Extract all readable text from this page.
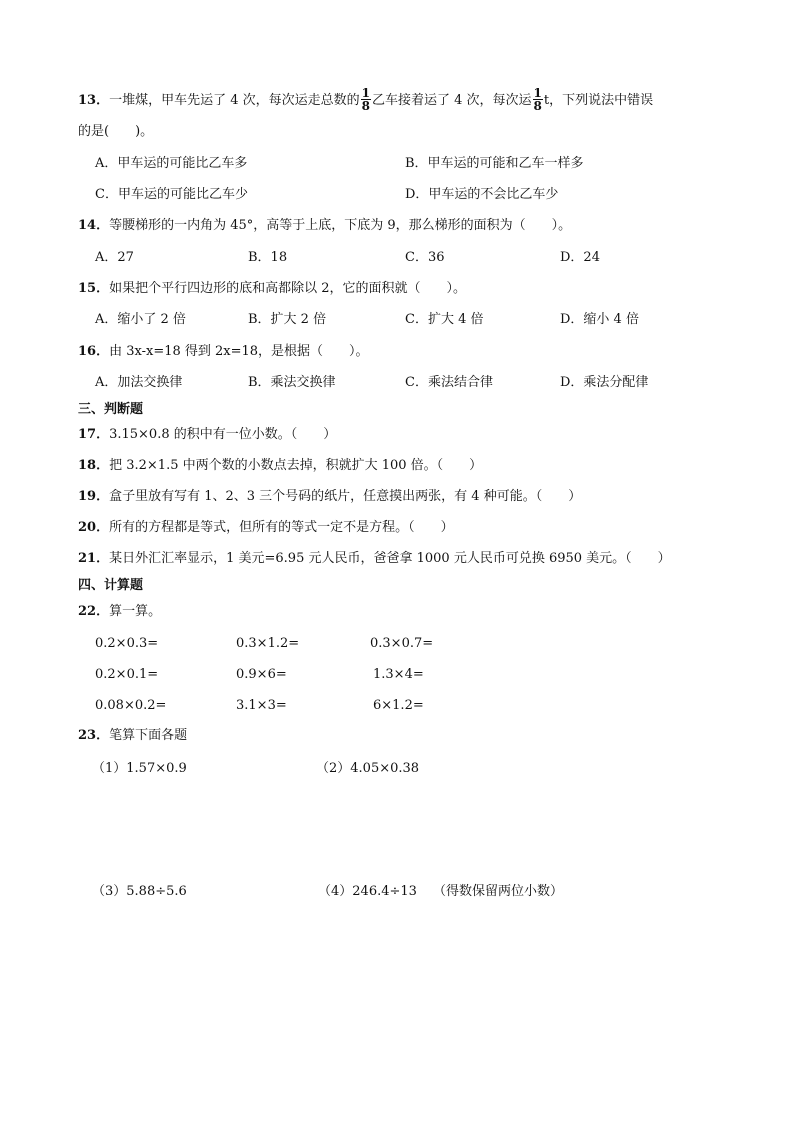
13．一堆煤，甲车先运了 4 次，每次运走总数的 $\frac{1}{8}$ 乙车接着运了 4 次，每次运 $\frac{1}{8}$ t，下列说法中错误
的是(　　)。
A．甲车运的可能比乙车多	B．甲车运的可能和乙车一样多
C．甲车运的可能比乙车少	D．甲车运的不会比乙车少
14．等腰梯形的一内角为 45°，高等于上底，下底为 9，那么梯形的面积为（　　）。
A．27	B．18	C．36	D．24
15．如果把个平行四边形的底和高都除以 2，它的面积就（　　）。
A．缩小了 2 倍	B．扩大 2 倍	C．扩大 4 倍	D．缩小 4 倍
16．由 3x-x=18 得到 2x=18，是根据（　　）。
A．加法交换律	B．乘法交换律	C．乘法结合律	D．乘法分配律
三、判断题
17．3.15×0.8 的积中有一位小数。（　　）
18．把 3.2×1.5 中两个数的小数点去掉，积就扩大 100 倍。（　　）
19．盒子里放有写有 1、2、3 三个号码的纸片，任意摸出两张，有 4 种可能。（　　）
20．所有的方程都是等式，但所有的等式一定不是方程。（　　）
21．某日外汇汇率显示，1 美元=6.95 元人民币，爸爸拿 1000 元人民币可兑换 6950 美元。（　　）
四、计算题
22．算一算。
0.2×0.3=	0.3×1.2=	0.3×0.7=
0.2×0.1=	0.9×6=	1.3×4=
0.08×0.2=	3.1×3=	6×1.2=
23．笔算下面各题
（1）1.57×0.9	（2）4.05×0.38
（3）5.88÷5.6	（4）246.4÷13 （得数保留两位小数）
